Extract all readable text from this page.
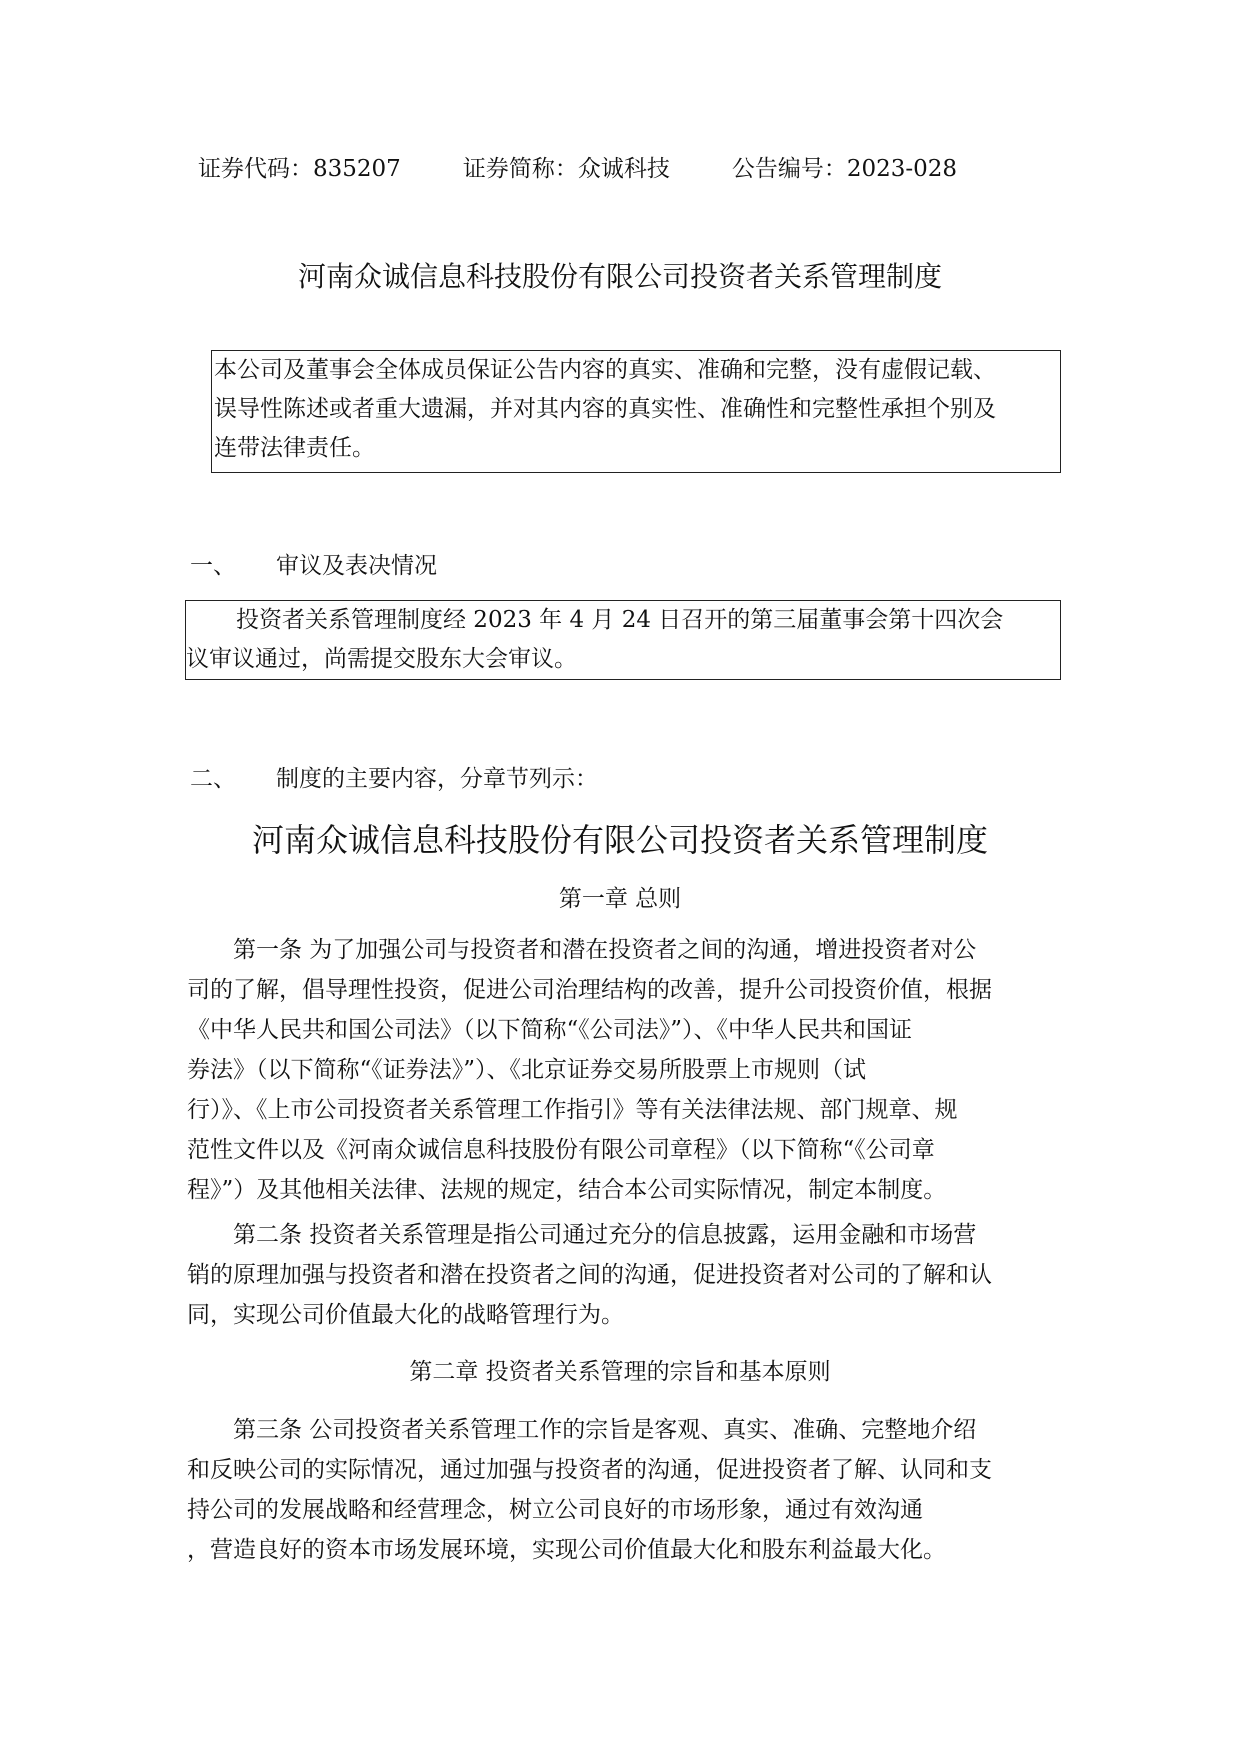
证券代码：835207	证券简称：众诚科技	公告编号：2023-028
河南众诚信息科技股份有限公司投资者关系管理制度
本公司及董事会全体成员保证公告内容的真实、准确和完整，没有虚假记载、
误导性陈述或者重大遗漏，并对其内容的真实性、准确性和完整性承担个别及
连带法律责任。
一、 审议及表决情况
投资者关系管理制度经 2023 年 4 月 24 日召开的第三届董事会第十四次会
议审议通过，尚需提交股东大会审议。
二、 制度的主要内容，分章节列示：
河南众诚信息科技股份有限公司投资者关系管理制度
第一章 总则
　　第一条 为了加强公司与投资者和潜在投资者之间的沟通，增进投资者对公
司的了解，倡导理性投资，促进公司治理结构的改善，提升公司投资价值，根据
《中华人民共和国公司法》（以下简称“《公司法》”）、《中华人民共和国证
券法》（以下简称“《证券法》”）、《北京证券交易所股票上市规则（试
行）》、《上市公司投资者关系管理工作指引》等有关法律法规、部门规章、规
范性文件以及《河南众诚信息科技股份有限公司章程》（以下简称“《公司章
程》”）及其他相关法律、法规的规定，结合本公司实际情况，制定本制度。
　　第二条 投资者关系管理是指公司通过充分的信息披露，运用金融和市场营
销的原理加强与投资者和潜在投资者之间的沟通，促进投资者对公司的了解和认
同，实现公司价值最大化的战略管理行为。
第二章 投资者关系管理的宗旨和基本原则
　　第三条 公司投资者关系管理工作的宗旨是客观、真实、准确、完整地介绍
和反映公司的实际情况，通过加强与投资者的沟通，促进投资者了解、认同和支
持公司的发展战略和经营理念，树立公司良好的市场形象，通过有效沟通
，营造良好的资本市场发展环境，实现公司价值最大化和股东利益最大化。
